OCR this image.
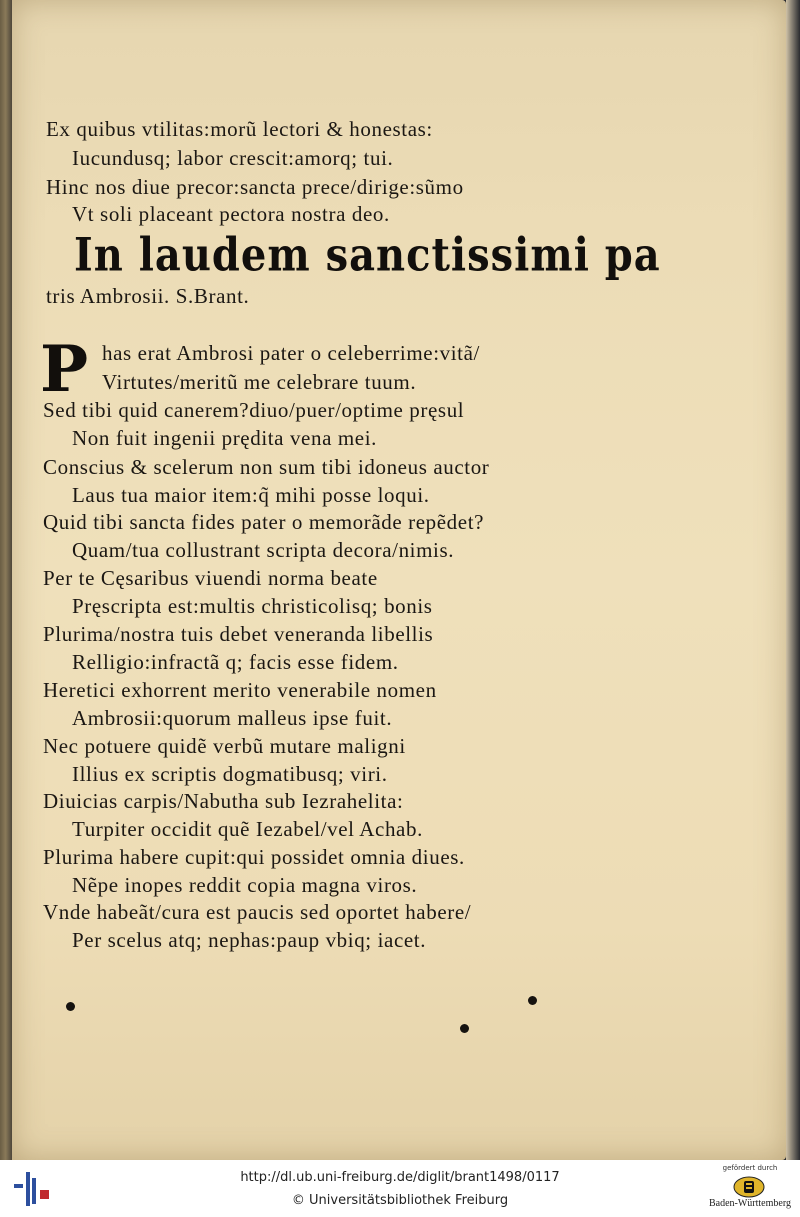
Ex quibus vtilitas:morũ lectori & honestas:
Iucundusq; labor crescit:amorq; tui.
Hinc nos diue precor:sancta prece/dirige:sũmo
Vt soli placeant pectora nostra deo.
In laudem sanctissimi pa
tris Ambrosii. S.Brant.
P has erat Ambrosi pater o celeberrime:vitã/
Virtutes/meritũ me celebrare tuum.
Sed tibi quid canerem?diuo/puer/optime pręsul
Non fuit ingenii prędita vena mei.
Conscius & scelerum non sum tibi idoneus auctor
Laus tua maior item:q̃ mihi posse loqui.
Quid tibi sancta fides pater o memorãde repẽdet?
Quam/tua collustrant scripta decora/nimis.
Per te Cęsaribus viuendi norma beate
Pręscripta est:multis christicolisq; bonis
Plurima/nostra tuis debet veneranda libellis
Relligio:infractã q; facis esse fidem.
Heretici exhorrent merito venerabile nomen
Ambrosii:quorum malleus ipse fuit.
Nec potuere quidẽ verbũ mutare maligni
Illius ex scriptis dogmatibusq; viri.
Diuicias carpis/Nabutha sub Iezrahelita:
Turpiter occidit quẽ Iezabel/vel Achab.
Plurima habere cupit:qui possidet omnia diues.
Nẽpe inopes reddit copia magna viros.
Vnde habeãt/cura est paucis sed oportet habere/
Per scelus atq; nephas:paup vbiq; iacet.
http://dl.ub.uni-freiburg.de/diglit/brant1498/0117
© Universitätsbibliothek Freiburg
gefördert durch
Baden-Württemberg
